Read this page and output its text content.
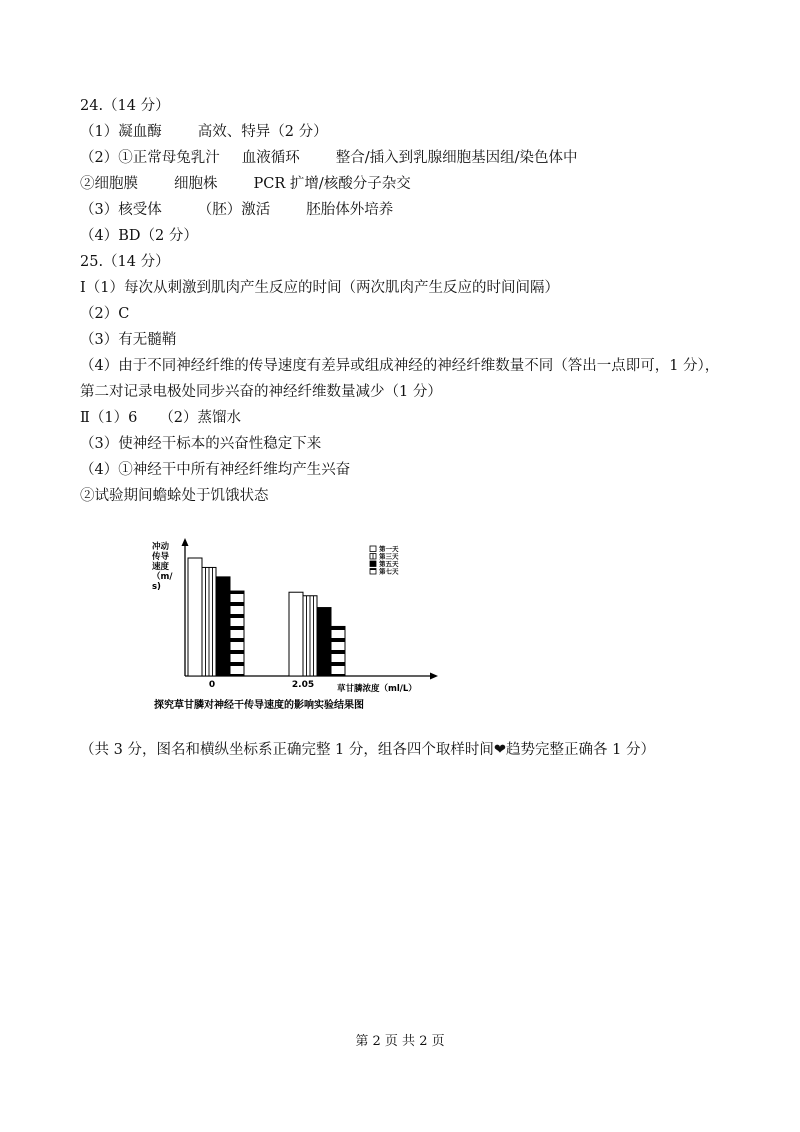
24.（14 分）
（1）凝血酶 高效、特异（2 分）
（2）①正常母兔乳汁 血液循环 整合/插入到乳腺细胞基因组/染色体中
②细胞膜 细胞株 PCR 扩增/核酸分子杂交
（3）核受体 （胚）激活 胚胎体外培养
（4）BD（2 分）
25.（14 分）
Ⅰ（1）每次从刺激到肌肉产生反应的时间（两次肌肉产生反应的时间间隔）
（2）C
（3）有无髓鞘
（4）由于不同神经纤维的传导速度有差异或组成神经的神经纤维数量不同（答出一点即可，1 分），
第二对记录电极处同步兴奋的神经纤维数量减少（1 分）
Ⅱ（1）6 （2）蒸馏水
（3）使神经干标本的兴奋性稳定下来
（4）①神经干中所有神经纤维均产生兴奋
②试验期间蟾蜍处于饥饿状态
冲动
传导
速度
（m/
s)
0	2.05	草甘膦浓度（ml/L）
第一天
第三天
第五天
第七天
探究草甘膦对神经干传导速度的影响实验结果图
（共 3 分，图名和横纵坐标系正确完整 1 分，组各四个取样时间❤趋势完整正确各 1 分）
第 2 页 共 2 页
